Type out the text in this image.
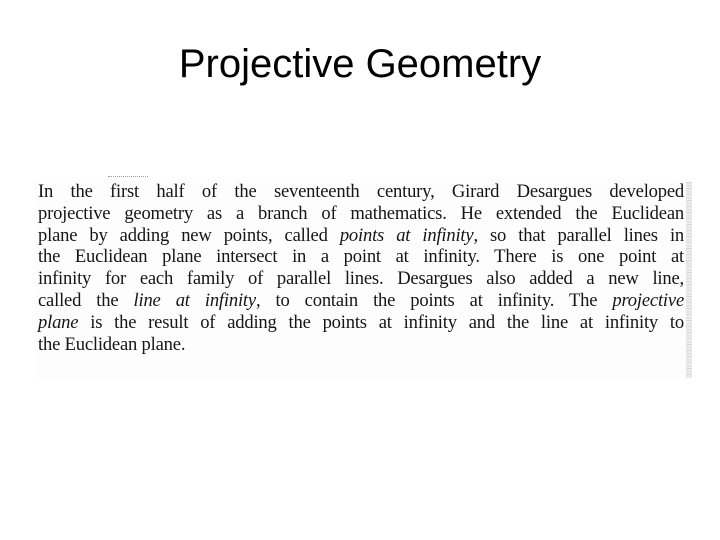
Projective Geometry

In the first half of the seventeenth century, Girard Desargues developed
projective geometry as a branch of mathematics. He extended the Euclidean
plane by adding new points, called points at infinity, so that parallel lines in
the Euclidean plane intersect in a point at infinity. There is one point at
infinity for each family of parallel lines. Desargues also added a new line,
called the line at infinity, to contain the points at infinity. The projective
plane is the result of adding the points at infinity and the line at infinity to
the Euclidean plane.
